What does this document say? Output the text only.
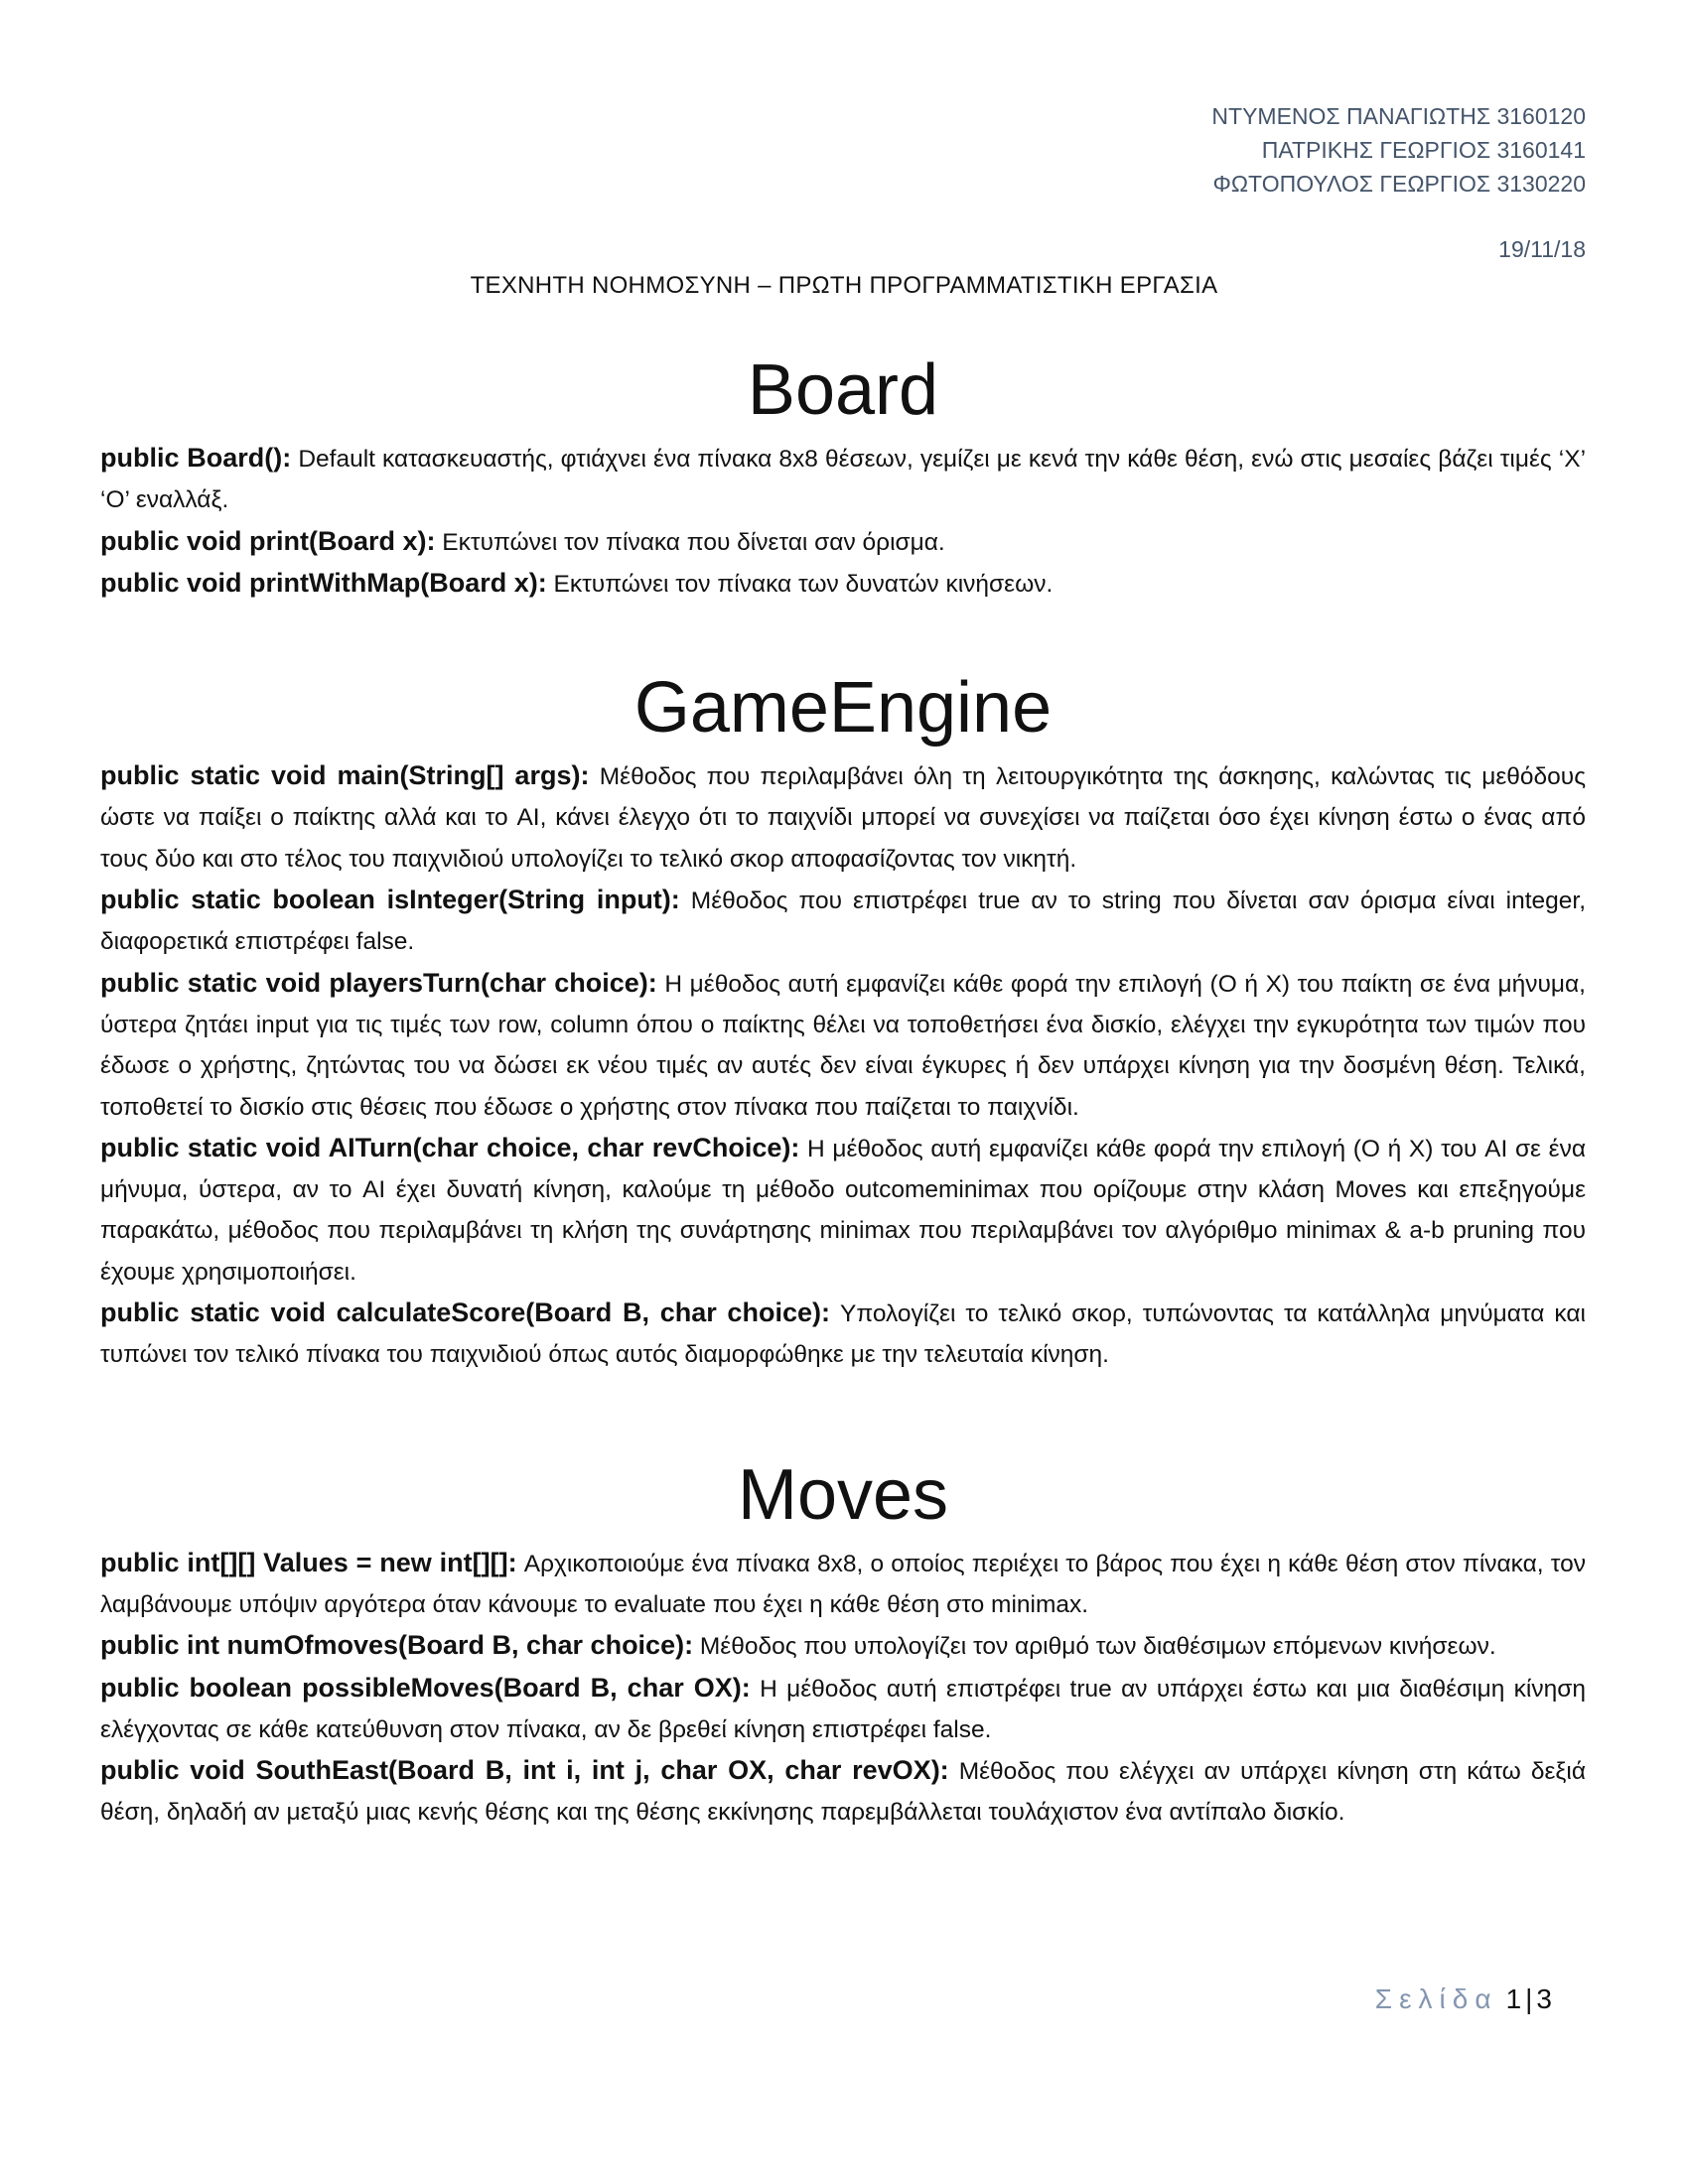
ΝΤΥΜΕΝΟΣ ΠΑΝΑΓΙΩΤΗΣ 3160120
ΠΑΤΡΙΚΗΣ ΓΕΩΡΓΙΟΣ 3160141
ΦΩΤΟΠΟΥΛΟΣ ΓΕΩΡΓΙΟΣ 3130220
19/11/18
ΤΕΧΝΗΤΗ ΝΟΗΜΟΣΥΝΗ – ΠΡΩΤΗ ΠΡΟΓΡΑΜΜΑΤΙΣΤΙΚΗ ΕΡΓΑΣΙΑ
Board

public Board(): Default κατασκευαστής, φτιάχνει ένα πίνακα 8x8 θέσεων, γεμίζει με κενά την κάθε θέση, ενώ στις μεσαίες βάζει τιμές ‘Χ’ ‘Ο’ εναλλάξ.

public void print(Board x): Εκτυπώνει τον πίνακα που δίνεται σαν όρισμα.

public void printWithMap(Board x): Εκτυπώνει τον πίνακα των δυνατών κινήσεων.

GameEngine

public static void main(String[] args): Μέθοδος που περιλαμβάνει όλη τη λειτουργικότητα της άσκησης, καλώντας τις μεθόδους ώστε να παίξει ο παίκτης αλλά και το AI, κάνει έλεγχο ότι το παιχνίδι μπορεί να συνεχίσει να παίζεται όσο έχει κίνηση έστω ο ένας από τους δύο και στο τέλος του παιχνιδιού υπολογίζει το τελικό σκορ αποφασίζοντας τον νικητή.

public static boolean isInteger(String input): Μέθοδος που επιστρέφει true αν το string που δίνεται σαν όρισμα είναι integer, διαφορετικά επιστρέφει false.

public static void playersTurn(char choice): Η μέθοδος αυτή εμφανίζει κάθε φορά την επιλογή (Ο ή Χ) του παίκτη σε ένα μήνυμα, ύστερα ζητάει input για τις τιμές των row, column όπου ο παίκτης θέλει να τοποθετήσει ένα δισκίο, ελέγχει την εγκυρότητα των τιμών που έδωσε ο χρήστης, ζητώντας του να δώσει εκ νέου τιμές αν αυτές δεν είναι έγκυρες ή δεν υπάρχει κίνηση για την δοσμένη θέση. Τελικά, τοποθετεί το δισκίο στις θέσεις που έδωσε ο χρήστης στον πίνακα που παίζεται το παιχνίδι.

public static void AITurn(char choice, char revChoice): Η μέθοδος αυτή εμφανίζει κάθε φορά την επιλογή (Ο ή Χ) του AI σε ένα μήνυμα, ύστερα, αν το AI έχει δυνατή κίνηση, καλούμε τη μέθοδο outcomeminimax που ορίζουμε στην κλάση Moves και επεξηγούμε παρακάτω, μέθοδος που περιλαμβάνει τη κλήση της συνάρτησης minimax που περιλαμβάνει τον αλγόριθμο minimax & a-b pruning που έχουμε χρησιμοποιήσει.

public static void calculateScore(Board B, char choice): Υπολογίζει το τελικό σκορ, τυπώνοντας τα κατάλληλα μηνύματα και τυπώνει τον τελικό πίνακα του παιχνιδιού όπως αυτός διαμορφώθηκε με την τελευταία κίνηση.

Moves

public int[][] Values = new int[][]: Αρχικοποιούμε ένα πίνακα 8x8, ο οποίος περιέχει το βάρος που έχει η κάθε θέση στον πίνακα, τον λαμβάνουμε υπόψιν αργότερα όταν κάνουμε το evaluate που έχει η κάθε θέση στο minimax.

public int numOfmoves(Board B, char choice): Μέθοδος που υπολογίζει τον αριθμό των διαθέσιμων επόμενων κινήσεων.

public boolean possibleMoves(Board B, char OX): Η μέθοδος αυτή επιστρέφει true αν υπάρχει έστω και μια διαθέσιμη κίνηση ελέγχοντας σε κάθε κατεύθυνση στον πίνακα, αν δε βρεθεί κίνηση επιστρέφει false.

public void SouthEast(Board B, int i, int j, char OX, char revOX): Μέθοδος που ελέγχει αν υπάρχει κίνηση στη κάτω δεξιά θέση, δηλαδή αν μεταξύ μιας κενής θέσης και της θέσης εκκίνησης παρεμβάλλεται τουλάχιστον ένα αντίπαλο δισκίο.

Σελίδα 1 | 3
